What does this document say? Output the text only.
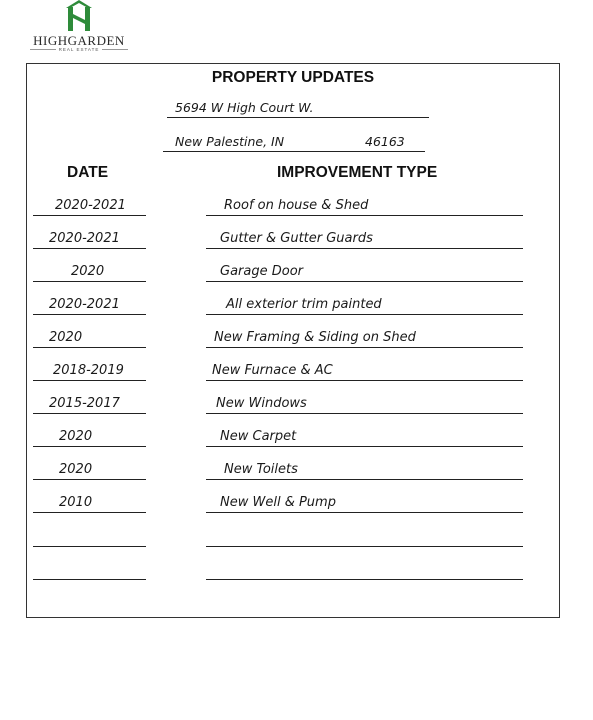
HIGHGARDEN
REAL ESTATE
PROPERTY UPDATES
5694 W High Court W.
New Palestine, IN	46163
DATE	IMPROVEMENT TYPE
2020-2021	Roof on house & Shed
2020-2021	Gutter & Gutter Guards
2020	Garage Door
2020-2021	All exterior trim painted
2020	New Framing & Siding on Shed
2018-2019	New Furnace & AC
2015-2017	New Windows
2020	New Carpet
2020	New Toilets
2010	New Well & Pump
